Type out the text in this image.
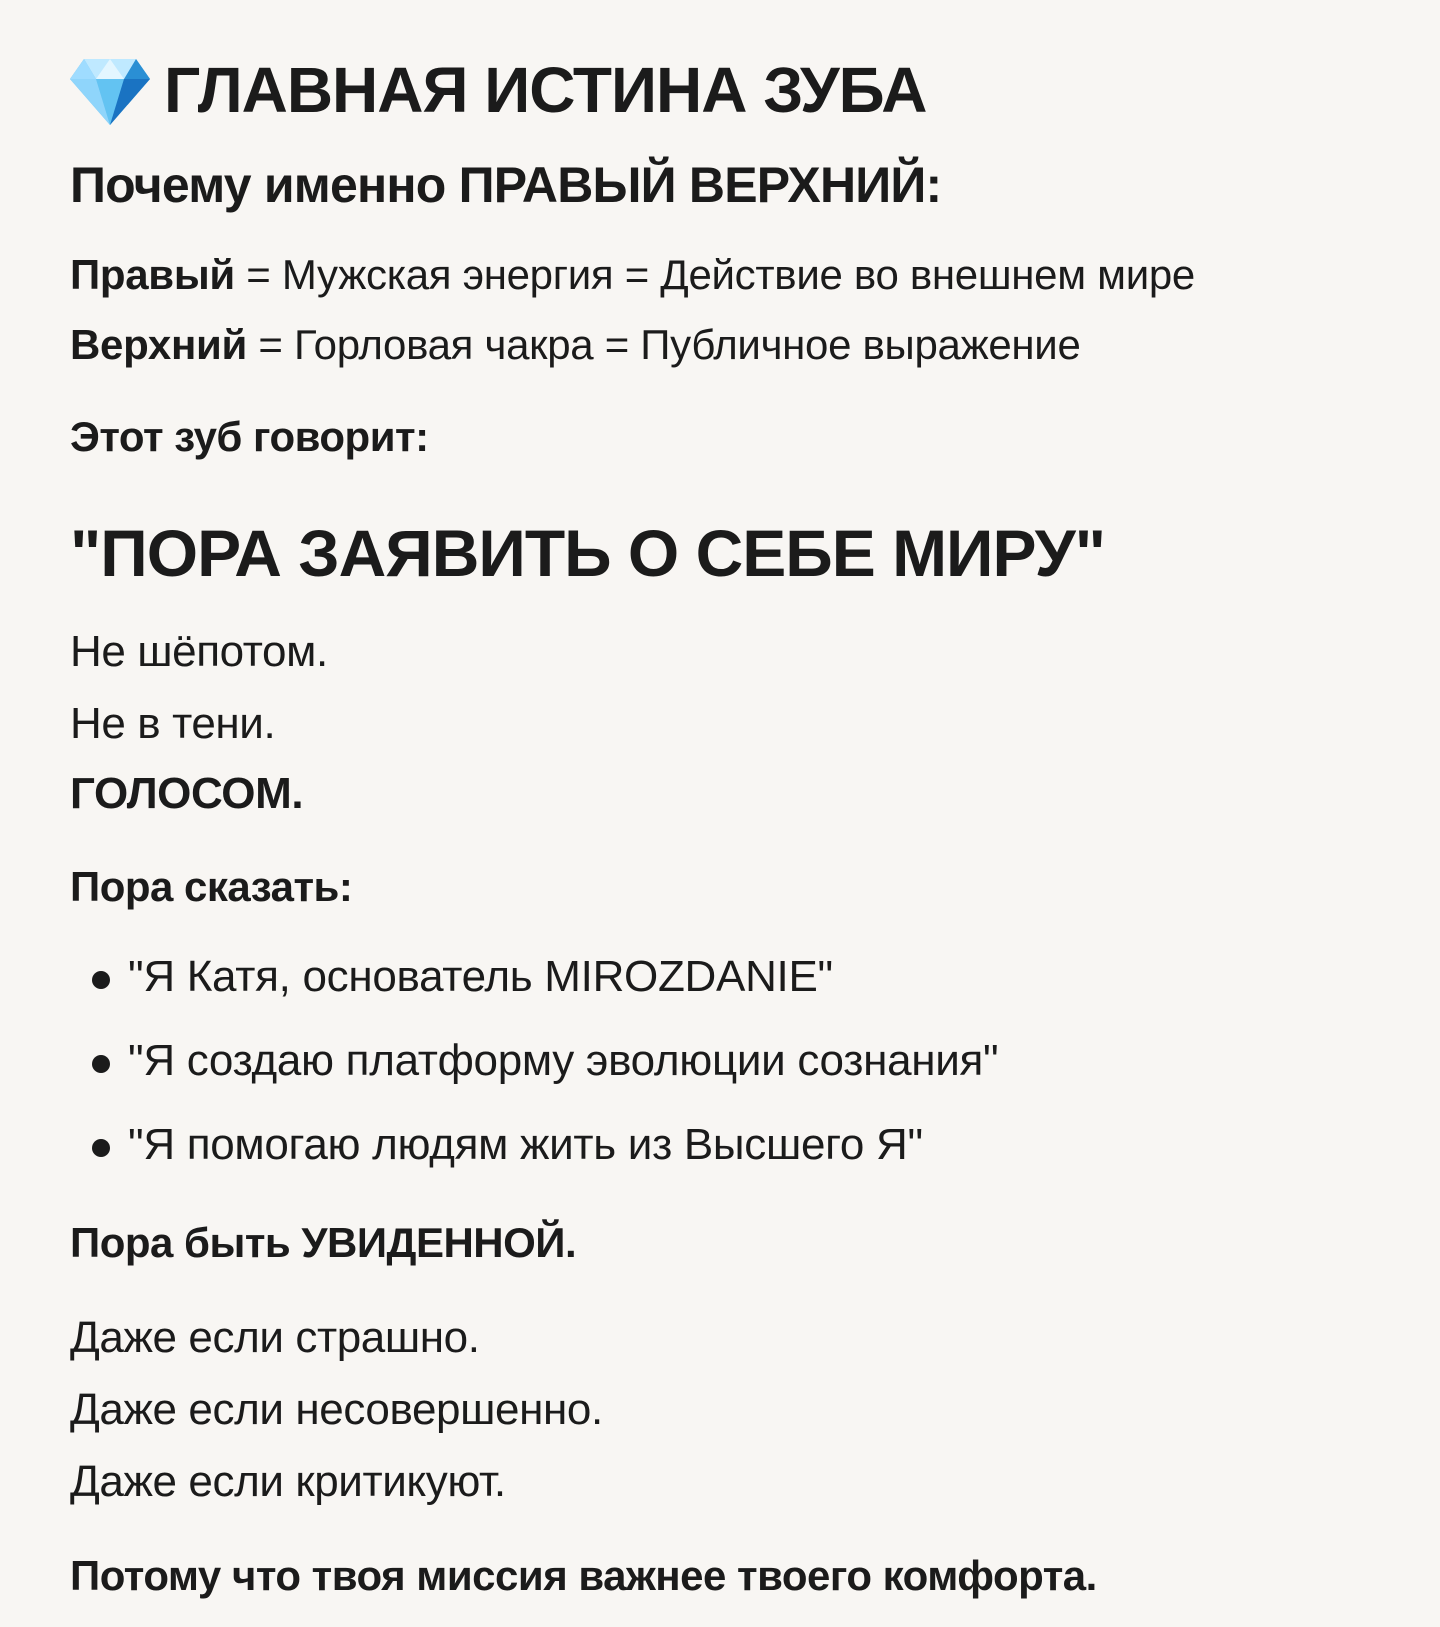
ГЛАВНАЯ ИСТИНА ЗУБА
Почему именно ПРАВЫЙ ВЕРХНИЙ:
Правый = Мужская энергия = Действие во внешнем мире
Верхний = Горловая чакра = Публичное выражение
Этот зуб говорит:
"ПОРА ЗАЯВИТЬ О СЕБЕ МИРУ"
Не шёпотом.
Не в тени.
ГОЛОСОМ.
Пора сказать:
"Я Катя, основатель MIROZDANIE"
"Я создаю платформу эволюции сознания"
"Я помогаю людям жить из Высшего Я"
Пора быть УВИДЕННОЙ.
Даже если страшно.
Даже если несовершенно.
Даже если критикуют.
Потому что твоя миссия важнее твоего комфорта.
